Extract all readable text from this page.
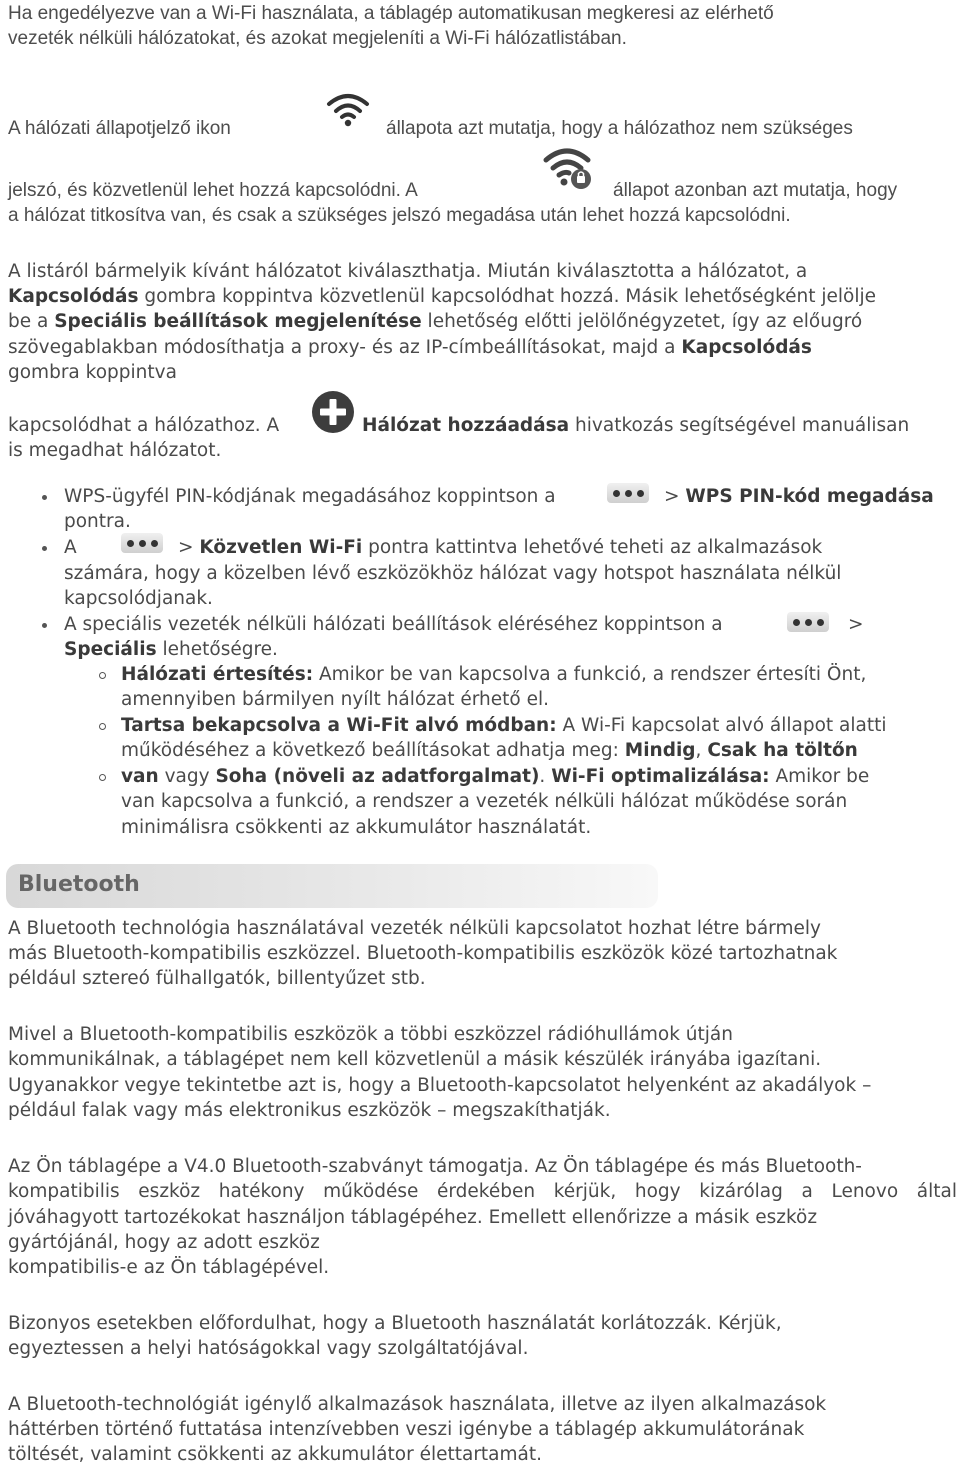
Ha engedélyezve van a Wi-Fi használata, a táblagép automatikusan megkeresi az elérhető
vezeték nélküli hálózatokat, és azokat megjeleníti a Wi-Fi hálózatlistában.
A hálózati állapotjelző ikon	állapota azt mutatja, hogy a hálózathoz nem szükséges
jelszó, és közvetlenül lehet hozzá kapcsolódni. A	állapot azonban azt mutatja, hogy
a hálózat titkosítva van, és csak a szükséges jelszó megadása után lehet hozzá kapcsolódni.
A listáról bármelyik kívánt hálózatot kiválaszthatja. Miután kiválasztotta a hálózatot, a
Kapcsolódás gombra koppintva közvetlenül kapcsolódhat hozzá. Másik lehetőségként jelölje
be a Speciális beállítások megjelenítése lehetőség előtti jelölőnégyzetet, így az előugró
szövegablakban módosíthatja a proxy- és az IP-címbeállításokat, majd a Kapcsolódás
gombra koppintva
kapcsolódhat a hálózathoz. A	Hálózat hozzáadása hivatkozás segítségével manuálisan
is megadhat hálózatot.
WPS-ügyfél PIN-kódjának megadásához koppintson a	> WPS PIN-kód megadása
pontra.
A	> Közvetlen Wi-Fi pontra kattintva lehetővé teheti az alkalmazások
számára, hogy a közelben lévő eszközökhöz hálózat vagy hotspot használata nélkül
kapcsolódjanak.
A speciális vezeték nélküli hálózati beállítások eléréséhez koppintson a	>
Speciális lehetőségre.
Hálózati értesítés: Amikor be van kapcsolva a funkció, a rendszer értesíti Önt,
amennyiben bármilyen nyílt hálózat érhető el.
Tartsa bekapcsolva a Wi-Fit alvó módban: A Wi-Fi kapcsolat alvó állapot alatti
működéséhez a következő beállításokat adhatja meg: Mindig, Csak ha töltőn
van vagy Soha (növeli az adatforgalmat). Wi-Fi optimalizálása: Amikor be
van kapcsolva a funkció, a rendszer a vezeték nélküli hálózat működése során
minimálisra csökkenti az akkumulátor használatát.
Bluetooth
A Bluetooth technológia használatával vezeték nélküli kapcsolatot hozhat létre bármely
más Bluetooth-kompatibilis eszközzel. Bluetooth-kompatibilis eszközök közé tartozhatnak
például sztereó fülhallgatók, billentyűzet stb.
Mivel a Bluetooth-kompatibilis eszközök a többi eszközzel rádióhullámok útján
kommunikálnak, a táblagépet nem kell közvetlenül a másik készülék irányába igazítani.
Ugyanakkor vegye tekintetbe azt is, hogy a Bluetooth-kapcsolatot helyenként az akadályok –
például falak vagy más elektronikus eszközök – megszakíthatják.
Az Ön táblagépe a V4.0 Bluetooth-szabványt támogatja. Az Ön táblagépe és más Bluetooth-
kompatibilis eszköz hatékony működése érdekében kérjük, hogy kizárólag a Lenovo által
jóváhagyott tartozékokat használjon táblagépéhez. Emellett ellenőrizze a másik eszköz
gyártójánál, hogy az adott eszköz
kompatibilis-e az Ön táblagépével.
Bizonyos esetekben előfordulhat, hogy a Bluetooth használatát korlátozzák. Kérjük,
egyeztessen a helyi hatóságokkal vagy szolgáltatójával.
A Bluetooth-technológiát igénylő alkalmazások használata, illetve az ilyen alkalmazások
háttérben történő futtatása intenzívebben veszi igénybe a táblagép akkumulátorának
töltését, valamint csökkenti az akkumulátor élettartamát.
